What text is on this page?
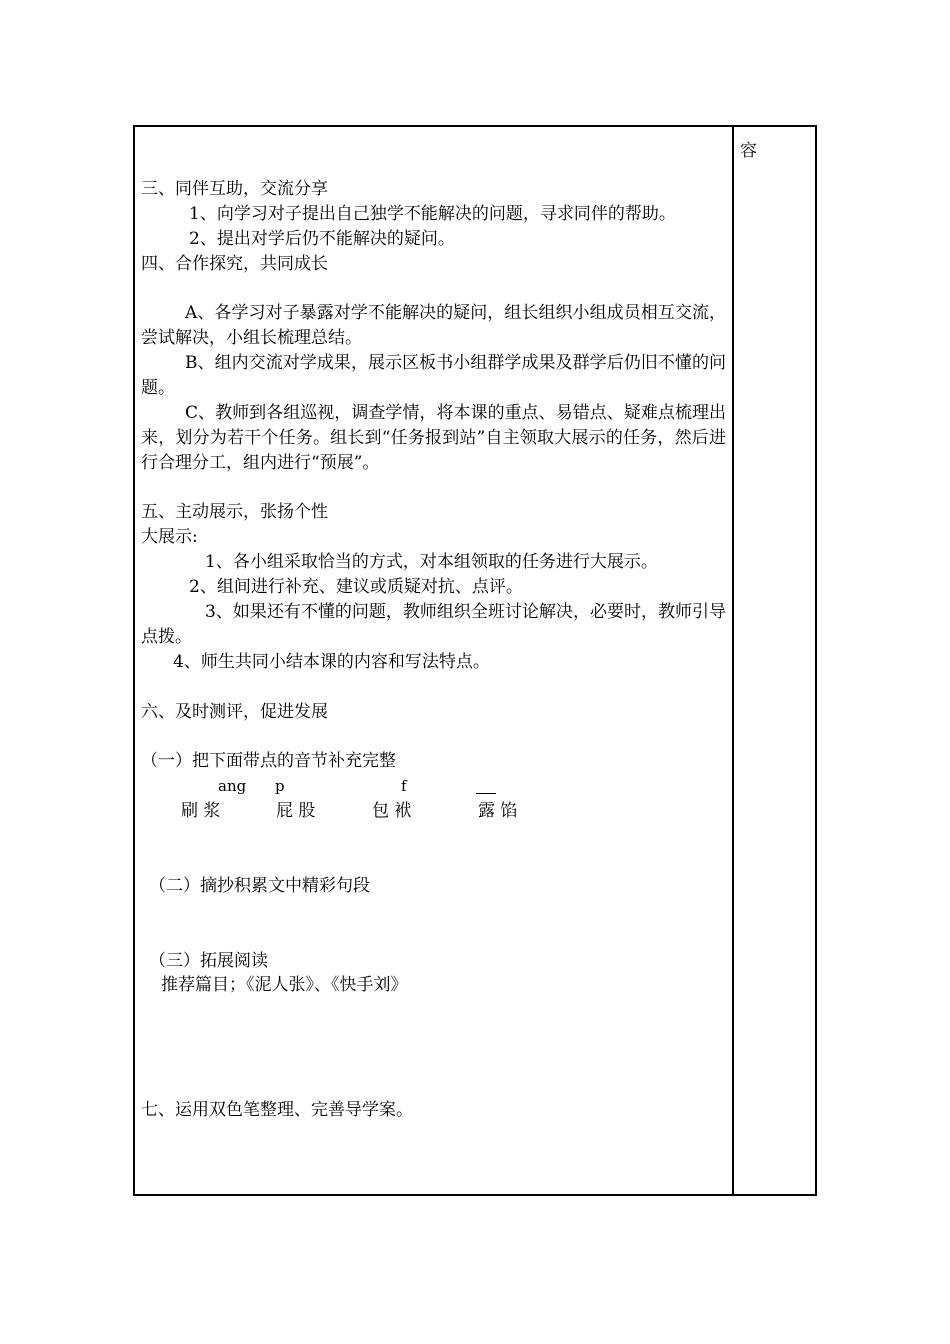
容
三、同伴互助，交流分享
1、向学习对子提出自己独学不能解决的问题，寻求同伴的帮助。
2、提出对学后仍不能解决的疑问。
四、合作探究，共同成长
A、各学习对子暴露对学不能解决的疑问，组长组织小组成员相互交流，尝试解决，小组长梳理总结。
B、组内交流对学成果，展示区板书小组群学成果及群学后仍旧不懂的问题。
C、教师到各组巡视，调查学情，将本课的重点、易错点、疑难点梳理出来，划分为若干个任务。组长到“任务报到站”自主领取大展示的任务，然后进行合理分工，组内进行“预展”。
五、主动展示，张扬个性
大展示:
1、各小组采取恰当的方式，对本组领取的任务进行大展示。
2、组间进行补充、建议或质疑对抗、点评。
3、如果还有不懂的问题，教师组织全班讨论解决，必要时，教师引导点拨。
4、师生共同小结本课的内容和写法特点。
六、及时测评，促进发展
（一）把下面带点的音节补充完整
ang p	f
刷 浆	屁 股	包 袱	露 馅
（二）摘抄积累文中精彩句段
（三）拓展阅读
推荐篇目；《泥人张》、《快手刘》
七、运用双色笔整理、完善导学案。
